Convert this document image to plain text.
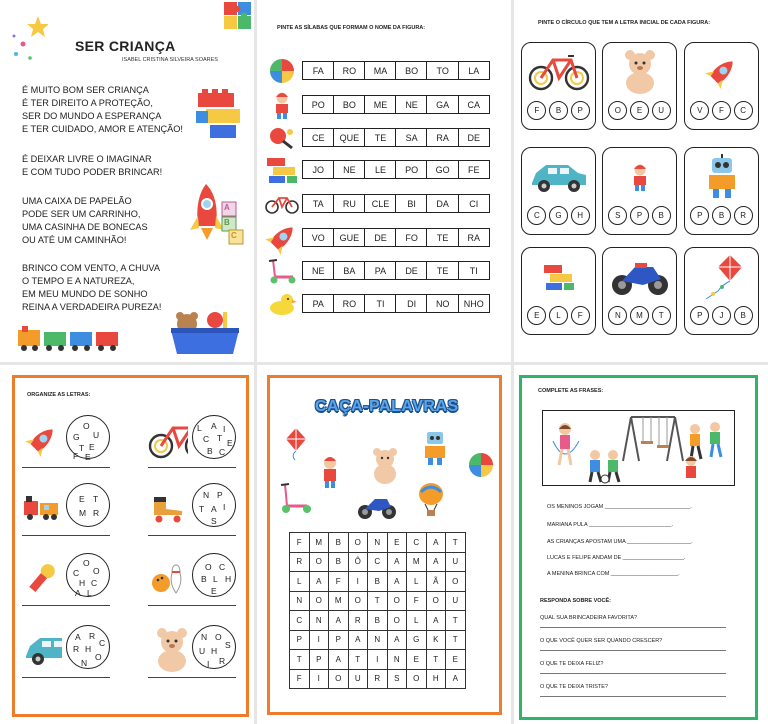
SER CRIANÇA
ISABEL CRISTINA SILVEIRA SOARES
É MUITO BOM SER CRIANÇA
É TER DIREITO A PROTEÇÃO,
SER DO MUNDO A ESPERANÇA
E TER CUIDADO, AMOR E ATENÇÃO!
É DEIXAR LIVRE O IMAGINAR
E COM TUDO PODER BRINCAR!
UMA CAIXA DE PAPELÃO
PODE SER UM CARRINHO,
UMA CASINHA DE BONECAS
OU ATÉ UM CAMINHÃO!
BRINCO COM VENTO, A CHUVA
O TEMPO E A NATUREZA,
EM MEU MUNDO DE SONHO
REINA A VERDADEIRA PUREZA!
A
B
C
PINTE AS SÍLABAS QUE FORMAM O NOME DA FIGURA:
FA	RO	MA	BO	TO	LA
PO	BO	ME	NE	GA	CA
CE	QUE	TE	SA	RA	DE
JO	NE	LE	PO	GO	FE
TA	RU	CLE	BI	DA	CI
VO	GUE	DE	FO	TE	RA
NE	BA	PA	DE	TE	TI
PA	RO	TI	DI	NO	NHO
PINTE O CÍRCULO QUE TEM A LETRA INICIAL DE CADA FIGURA:
F	B	P	O	E	U	V	F	C
C	G	H	S	P	B	P	B	R
E	L	F	N	M	T	P	J	B
ORGANIZE AS LETRAS:
O
G U
T E
F E
L A I
C T E
B C
E T
M R
N P
T A I
S
O
C O
H C
A L
O C
B L H
E
A R
C
R H
O
N
N O
S
U H
R
I
CAÇA-PALAVRAS
F	M	B	O	N	E	C	A	T
R	O	B	Ô	C	A	M	A	U
L	A	F	I	B	A	L	Ã	O
N	O	M	O	T	O	F	O	U
C	N	A	R	B	O	L	A	T
P	I	P	A	N	A	G	K	T
T	P	A	T	I	N	E	T	E
F	I	O	U	R	S	O	H	A
COMPLETE AS FRASES:
OS MENINOS JOGAM ____________________________.
MARIANA PULA ___________________________.
AS CRIANÇAS APOSTAM UMA _____________________.
LUCAS E FELIPE ANDAM DE ____________________.
A MENINA BRINCA COM ______________________.
RESPONDA SOBRE VOCÊ:
QUAL SUA BRINCADEIRA FAVORITA?
O QUE VOCÊ QUER SER QUANDO CRESCER?
O QUE TE DEIXA FELIZ?
O QUE TE DEIXA TRISTE?
